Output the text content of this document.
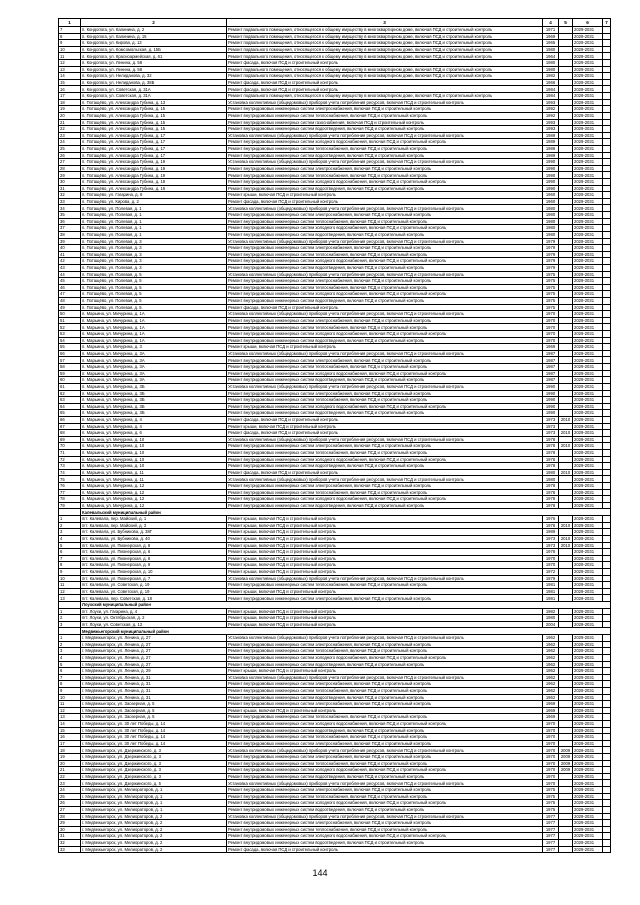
1	2	3	4	5	6	7
7	п. Кондопога, ул. Калинина, д. 2	Ремонт подвального помещения, относящегося к общему имуществу в многоквартирном доме, включая ПСД и строительный контроль	1971		2029-2031	
8	п. Кондопога, ул. Калинина, д. 15	Ремонт подвального помещения, относящегося к общему имуществу в многоквартирном доме, включая ПСД и строительный контроль	1969		2029-2031	
9	п. Кондопога, ул. Кирова, д. 13	Ремонт подвального помещения, относящегося к общему имуществу в многоквартирном доме, включая ПСД и строительный контроль	1965		2029-2031	
10	п. Кондопога, ул. Комсомольская, д. 15Б	Ремонт подвального помещения, относящегося к общему имуществу в многоквартирном доме, включая ПСД и строительный контроль	1980		2029-2031	
11	п. Кондопога, ул. Красноармейская, д. 61	Ремонт подвального помещения, относящегося к общему имуществу в многоквартирном доме, включая ПСД и строительный контроль	1964		2029-2031	
12	п. Кондопога, ул. Ленина, д. 58	Ремонт фасада, включая ПСД и строительный контроль	1980		2029-2031	
13	п. Кондопога, ул. Ленина, д. 58	Ремонт подвального помещения, относящегося к общему имуществу в многоквартирном доме, включая ПСД и строительный контроль	1980		2029-2031	
14	п. Кондопога, ул. Нелиданова, д. 32	Ремонт подвального помещения, относящегося к общему имуществу в многоквартирном доме, включая ПСД и строительный контроль	1982		2029-2031	
15	п. Кондопога, ул. Нелиданова, д. 38Б	Ремонт фасада, включая ПСД и строительный контроль	1966		2029-2031	
16	п. Кондопога, ул. Советская, д. 31А	Ремонт фасада, включая ПСД и строительный контроль	1984		2029-2031	
17	п. Кондопога, ул. Советская, д. 31А	Ремонт подвального помещения, относящегося к общему имуществу в многоквартирном доме, включая ПСД и строительный контроль	1984		2029-2031	
18	п. Потащёво, ул. Александра Губина, д. 13	Установка коллективных (общедомовых) приборов учета потребления ресурсов, включая ПСД и строительный контроль	1993		2029-2031	
19	п. Потащёво, ул. Александра Губина, д. 15	Ремонт внутридомовых инженерных систем электроснабжения, включая ПСД и строительный контроль	1992		2029-2031	
20	п. Потащёво, ул. Александра Губина, д. 15	Ремонт внутридомовых инженерных систем теплоснабжения, включая ПСД и строительный контроль	1992		2029-2031	
21	п. Потащёво, ул. Александра Губина, д. 15	Ремонт внутридомовых инженерных систем газоснабжения, включая ПСД и строительный контроль	1993		2029-2031	
22	п. Потащёво, ул. Александра Губина, д. 15	Ремонт внутридомовых инженерных систем водоотведения, включая ПСД и строительный контроль	1993		2029-2031	
23	п. Потащёво, ул. Александра Губина, д. 17	Установка коллективных (общедомовых) приборов учета потребления ресурсов, включая ПСД и строительный контроль	1989		2029-2031	
24	п. Потащёво, ул. Александра Губина, д. 17	Ремонт внутридомовых инженерных систем холодного водоснабжения, включая ПСД и строительный контроль	1989		2029-2031	
25	п. Потащёво, ул. Александра Губина, д. 17	Ремонт внутридомовых инженерных систем теплоснабжения, включая ПСД и строительный контроль	1989		2029-2031	
26	п. Потащёво, ул. Александра Губина, д. 17	Ремонт внутридомовых инженерных систем водоотведения, включая ПСД и строительный контроль	1989		2029-2031	
27	п. Потащёво, ул. Александра Губина, д. 19	Установка коллективных (общедомовых) приборов учета потребления ресурсов, включая ПСД и строительный контроль	1990		2029-2031	
28	п. Потащёво, ул. Александра Губина, д. 19	Ремонт внутридомовых инженерных систем электроснабжения, включая ПСД и строительный контроль	1990		2029-2031	
29	п. Потащёво, ул. Александра Губина, д. 19	Ремонт внутридомовых инженерных систем теплоснабжения, включая ПСД и строительный контроль	1990		2029-2031	
30	п. Потащёво, ул. Александра Губина, д. 19	Ремонт внутридомовых инженерных систем холодного водоснабжения, включая ПСД и строительный контроль	1990		2029-2031	
31	п. Потащёво, ул. Александра Губина, д. 19	Ремонт внутридомовых инженерных систем водоотведения, включая ПСД и строительный контроль	1990		2029-2031	
32	п. Потащёво, ул. Гагарина, д. 8	Ремонт крыши, включая ПСД и строительный контроль	1960		2029-2031	
33	п. Потащёво, ул. Кирова, д. 2	Ремонт фасада, включая ПСД и строительный контроль	1960		2029-2031	
34	п. Потащёво, ул. Полевая, д. 1	Установка коллективных (общедомовых) приборов учета потребления ресурсов, включая ПСД и строительный контроль	1980		2029-2031	
35	п. Потащёво, ул. Полевая, д. 1	Ремонт внутридомовых инженерных систем электроснабжения, включая ПСД и строительный контроль	1980		2029-2031	
36	п. Потащёво, ул. Полевая, д. 1	Ремонт внутридомовых инженерных систем теплоснабжения, включая ПСД и строительный контроль	1980		2029-2031	
37	п. Потащёво, ул. Полевая, д. 1	Ремонт внутридомовых инженерных систем холодного водоснабжения, включая ПСД и строительный контроль	1980		2029-2031	
38	п. Потащёво, ул. Полевая, д. 1	Ремонт внутридомовых инженерных систем водоотведения, включая ПСД и строительный контроль	1980		2029-2031	
39	п. Потащёво, ул. Полевая, д. 3	Установка коллективных (общедомовых) приборов учета потребления ресурсов, включая ПСД и строительный контроль	1979		2029-2031	
40	п. Потащёво, ул. Полевая, д. 3	Ремонт внутридомовых инженерных систем электроснабжения, включая ПСД и строительный контроль	1979		2029-2031	
41	п. Потащёво, ул. Полевая, д. 3	Ремонт внутридомовых инженерных систем теплоснабжения, включая ПСД и строительный контроль	1979		2029-2031	
42	п. Потащёво, ул. Полевая, д. 3	Ремонт внутридомовых инженерных систем холодного водоснабжения, включая ПСД и строительный контроль	1979		2029-2031	
43	п. Потащёво, ул. Полевая, д. 3	Ремонт внутридомовых инженерных систем водоотведения, включая ПСД и строительный контроль	1979		2029-2031	
44	п. Потащёво, ул. Полевая, д. 5	Установка коллективных (общедомовых) приборов учета потребления ресурсов, включая ПСД и строительный контроль	1975		2029-2031	
45	п. Потащёво, ул. Полевая, д. 5	Ремонт внутридомовых инженерных систем электроснабжения, включая ПСД и строительный контроль	1975		2029-2031	
46	п. Потащёво, ул. Полевая, д. 5	Ремонт внутридомовых инженерных систем теплоснабжения, включая ПСД и строительный контроль	1975		2029-2031	
47	п. Потащёво, ул. Полевая, д. 5	Ремонт внутридомовых инженерных систем холодного водоснабжения, включая ПСД и строительный контроль	1975		2029-2031	
48	п. Потащёво, ул. Полевая, д. 5	Ремонт внутридомовых инженерных систем водоотведения, включая ПСД и строительный контроль	1975		2029-2031	
49	п. Потащёво, ул. Полевая, д. 5	Ремонт фасада, включая ПСД и строительный контроль	1975		2029-2031	
50	п. Марьина, ул. Мичурина, д. 1А	Установка коллективных (общедомовых) приборов учета потребления ресурсов, включая ПСД и строительный контроль	1970		2029-2031	
51	п. Марьина, ул. Мичурина, д. 1А	Ремонт внутридомовых инженерных систем электроснабжения, включая ПСД и строительный контроль	1970		2029-2031	
52	п. Марьина, ул. Мичурина, д. 1А	Ремонт внутридомовых инженерных систем теплоснабжения, включая ПСД и строительный контроль	1970		2029-2031	
53	п. Марьина, ул. Мичурина, д. 1А	Ремонт внутридомовых инженерных систем холодного водоснабжения, включая ПСД и строительный контроль	1970		2029-2031	
54	п. Марьина, ул. Мичурина, д. 1А	Ремонт внутридомовых инженерных систем водоотведения, включая ПСД и строительный контроль	1970		2029-2031	
55	п. Марьина, ул. Мичурина, д. 3	Ремонт крыши, включая ПСД и строительный контроль	1969		2029-2031	
56	п. Марьина, ул. Мичурина, д. 3А	Установка коллективных (общедомовых) приборов учета потребления ресурсов, включая ПСД и строительный контроль	1987		2029-2031	
57	п. Марьина, ул. Мичурина, д. 3А	Ремонт внутридомовых инженерных систем электроснабжения, включая ПСД и строительный контроль	1987		2029-2031	
58	п. Марьина, ул. Мичурина, д. 3А	Ремонт внутридомовых инженерных систем теплоснабжения, включая ПСД и строительный контроль	1987		2029-2031	
59	п. Марьина, ул. Мичурина, д. 3А	Ремонт внутридомовых инженерных систем холодного водоснабжения, включая ПСД и строительный контроль	1987		2029-2031	
60	п. Марьина, ул. Мичурина, д. 3А	Ремонт внутридомовых инженерных систем водоотведения, включая ПСД и строительный контроль	1987		2029-2031	
61	п. Марьина, ул. Мичурина, д. 3Б	Установка коллективных (общедомовых) приборов учета потребления ресурсов, включая ПСД и строительный контроль	1990		2029-2031	
62	п. Марьина, ул. Мичурина, д. 3Б	Ремонт внутридомовых инженерных систем электроснабжения, включая ПСД и строительный контроль	1990		2029-2031	
63	п. Марьина, ул. Мичурина, д. 3Б	Ремонт внутридомовых инженерных систем теплоснабжения, включая ПСД и строительный контроль	1990		2029-2031	
64	п. Марьина, ул. Мичурина, д. 3Б	Ремонт внутридомовых инженерных систем холодного водоснабжения, включая ПСД и строительный контроль	1990		2029-2031	
65	п. Марьина, ул. Мичурина, д. 3Б	Ремонт внутридомовых инженерных систем водоотведения, включая ПСД и строительный контроль	1990		2029-2031	
66	п. Марьина, ул. Мичурина, д. 4	Ремонт фасада, включая ПСД и строительный контроль	1973	2010	2029-2031	
67	п. Марьина, ул. Мичурина, д. 4	Ремонт крыши, включая ПСД и строительный контроль	1973		2029-2031	
68	п. Марьина, ул. Мичурина, д. 6	Ремонт фасада, включая ПСД и строительный контроль	1973	2010	2029-2031	
69	п. Марьина, ул. Мичурина, д. 10	Установка коллективных (общедомовых) приборов учета потребления ресурсов, включая ПСД и строительный контроль	1978		2029-2031	
70	п. Марьина, ул. Мичурина, д. 10	Ремонт внутридомовых инженерных систем электроснабжения, включая ПСД и строительный контроль	1978	2010	2029-2031	
71	п. Марьина, ул. Мичурина, д. 10	Ремонт внутридомовых инженерных систем теплоснабжения, включая ПСД и строительный контроль	1978		2029-2031	
72	п. Марьина, ул. Мичурина, д. 10	Ремонт внутридомовых инженерных систем холодного водоснабжения, включая ПСД и строительный контроль	1978		2029-2031	
73	п. Марьина, ул. Мичурина, д. 10	Ремонт внутридомовых инженерных систем водоотведения, включая ПСД и строительный контроль	1978		2029-2031	
74	п. Марьина, ул. Мичурина, д. 11	Ремонт фасада, включая ПСД и строительный контроль	1980	2010	2029-2031	
75	п. Марьина, ул. Мичурина, д. 11	Установка коллективных (общедомовых) приборов учета потребления ресурсов, включая ПСД и строительный контроль	1980		2029-2031	
76	п. Марьина, ул. Мичурина, д. 12	Ремонт внутридомовых инженерных систем электроснабжения, включая ПСД и строительный контроль	1978		2029-2031	
77	п. Марьина, ул. Мичурина, д. 12	Ремонт внутридомовых инженерных систем теплоснабжения, включая ПСД и строительный контроль	1978		2029-2031	
78	п. Марьина, ул. Мичурина, д. 12	Ремонт внутридомовых инженерных систем холодного водоснабжения, включая ПСД и строительный контроль	1978		2029-2031	
79	п. Марьина, ул. Мичурина, д. 12	Ремонт внутридомовых инженерных систем водоотведения, включая ПСД и строительный контроль	1978		2029-2031	
	Калевальский муниципальный район					
1	пгт. Калевала, пер. Майский, д. 1	Ремонт крыши, включая ПСД и строительный контроль	1976		2029-2031	
2	пгт. Калевала, пер. Майский, д. 3	Ремонт крыши, включая ПСД и строительный контроль	1976	2010	2029-2031	
3	пгт. Калевала, ул. Бубникова, д. 38Г	Ремонт крыши, включая ПСД и строительный контроль	1989		2029-2031	
4	пгт. Калевала, ул. Бубникова, д. 40	Ремонт крыши, включая ПСД и строительный контроль	1973	2010	2029-2031	
5	пгт. Калевала, ул. Пионерская, д. 8	Ремонт крыши, включая ПСД и строительный контроль	1973	2010	2029-2031	
6	пгт. Калевала, ул. Пионерская, д. 6	Ремонт крыши, включая ПСД и строительный контроль	1976		2029-2031	
7	пгт. Калевала, ул. Пионерская, д. 8	Ремонт крыши, включая ПСД и строительный контроль	1970		2029-2031	
8	пгт. Калевала, ул. Пионерская, д. 9	Ремонт крыши, включая ПСД и строительный контроль	1970		2029-2031	
9	пгт. Калевала, ул. Пионерская, д. 10	Ремонт крыши, включая ПСД и строительный контроль	1972		2029-2031	
10	пгт. Калевала, ул. Пионерская, д. 7	Установка коллективных (общедомовых) приборов учета потребления ресурсов, включая ПСД и строительный контроль	1979		2029-2031	
11	пгт. Калевала, ул. Советская, д. 19	Ремонт внутридомовых инженерных систем теплоснабжения, включая ПСД и строительный контроль	1981		2029-2031	
12	пгт. Калевала, ул. Советская, д. 19	Ремонт крыши, включая ПСД и строительный контроль	1981		2029-2031	
13	пгт. Калевала, пер. Советская, д. 18	Ремонт внутридомовых инженерных систем электроснабжения, включая ПСД и строительный контроль	1981		2029-2031	
	Лоухский муниципальный район					
1	пгт. Лоухи, ул. Гагарина, д. 4	Ремонт крыши, включая ПСД и строительный контроль	1982		2029-2031	
2	пгт. Лоухи, ул. Октябрьская, д. 2	Ремонт крыши, включая ПСД и строительный контроль	1980		2029-2031	
3	пгт. Лоухи, ул. Советская, д. 12	Ремонт крыши, включая ПСД и строительный контроль	2004		2029-2031	
	Медвежьегорский муниципальный район					
1	г. Медвежьегорск, ул. Ленина, д. 27	Установка коллективных (общедомовых) приборов учета потребления ресурсов, включая ПСД и строительный контроль	1962		2029-2031	
2	г. Медвежьегорск, ул. Ленина, д. 27	Ремонт внутридомовых инженерных систем электроснабжения, включая ПСД и строительный контроль	1962		2029-2031	
3	г. Медвежьегорск, ул. Ленина, д. 27	Ремонт внутридомовых инженерных систем теплоснабжения, включая ПСД и строительный контроль	1962		2029-2031	
4	г. Медвежьегорск, ул. Ленина, д. 27	Ремонт внутридомовых инженерных систем холодного водоснабжения, включая ПСД и строительный контроль	1962		2029-2031	
5	г. Медвежьегорск, ул. Ленина, д. 27	Ремонт внутридомовых инженерных систем водоотведения, включая ПСД и строительный контроль	1962		2029-2031	
6	г. Медвежьегорск, ул. Ленина, д. 29	Ремонт крыши, включая ПСД и строительный контроль	1962		2029-2031	
7	г. Медвежьегорск, ул. Ленина, д. 31	Установка коллективных (общедомовых) приборов учета потребления ресурсов, включая ПСД и строительный контроль	1962		2029-2031	
8	г. Медвежьегорск, ул. Ленина, д. 31	Ремонт внутридомовых инженерных систем электроснабжения, включая ПСД и строительный контроль	1962		2029-2031	
9	г. Медвежьегорск, ул. Ленина, д. 31	Ремонт внутридомовых инженерных систем теплоснабжения, включая ПСД и строительный контроль	1962		2029-2031	
10	г. Медвежьегорск, ул. Ленина, д. 31	Ремонт внутридомовых инженерных систем водоотведения, включая ПСД и строительный контроль	1962		2029-2031	
11	г. Медвежьегорск, ул. Заозерная, д. 5	Ремонт внутридомовых инженерных систем электроснабжения, включая ПСД и строительный контроль	1969		2029-2031	
12	г. Медвежьегорск, ул. Заозерная, д. 5	Ремонт крыши, включая ПСД и строительный контроль	1969		2029-2031	
13	г. Медвежьегорск, ул. Заозерная, д. 5	Ремонт внутридомовых инженерных систем теплоснабжения, включая ПСД и строительный контроль	1969		2029-2031	
14	г. Медвежьегорск, ул. 30 лет Победы, д. 14	Ремонт внутридомовых инженерных систем холодного водоснабжения, включая ПСД и строительный контроль	1970		2029-2031	
15	г. Медвежьегорск, ул. 30 лет Победы, д. 14	Ремонт внутридомовых инженерных систем водоотведения, включая ПСД и строительный контроль	1970		2029-2031	
16	г. Медвежьегорск, ул. 30 лет Победы, д. 14	Ремонт внутридомовых инженерных систем теплоснабжения, включая ПСД и строительный контроль	1970		2029-2031	
17	г. Медвежьегорск, ул. 30 лет Победы, д. 14	Ремонт внутридомовых инженерных систем электроснабжения, включая ПСД и строительный контроль	1970		2029-2031	
18	г. Медвежьегорск, ул. Дзержинского, д. 3	Установка коллективных (общедомовых) приборов учета потребления ресурсов, включая ПСД и строительный контроль	1970	2009	2029-2031	
19	г. Медвежьегорск, ул. Дзержинского, д. 3	Ремонт внутридомовых инженерных систем электроснабжения, включая ПСД и строительный контроль	1970	2009	2029-2031	
20	г. Медвежьегорск, ул. Дзержинского, д. 3	Ремонт внутридомовых инженерных систем теплоснабжения, включая ПСД и строительный контроль	1970	2009	2029-2031	
21	г. Медвежьегорск, ул. Дзержинского, д. 3	Ремонт внутридомовых инженерных систем холодного водоснабжения, включая ПСД и строительный контроль	1970	2009	2029-2031	
22	г. Медвежьегорск, ул. Дзержинского, д. 3	Ремонт внутридомовых инженерных систем водоотведения, включая ПСД и строительный контроль	1970		2029-2031	
23	г. Медвежьегорск, ул. Дзержинского, д. 5	Установка коллективных (общедомовых) приборов учета потребления ресурсов, включая ПСД и строительный контроль	1970		2029-2031	
24	г. Медвежьегорск, ул. Мелиораторов, д. 1	Ремонт внутридомовых инженерных систем электроснабжения, включая ПСД и строительный контроль	1975		2029-2031	
25	г. Медвежьегорск, ул. Мелиораторов, д. 1	Ремонт внутридомовых инженерных систем теплоснабжения, включая ПСД и строительный контроль	1975		2029-2031	
26	г. Медвежьегорск, ул. Мелиораторов, д. 1	Ремонт внутридомовых инженерных систем холодного водоснабжения, включая ПСД и строительный контроль	1975		2029-2031	
27	г. Медвежьегорск, ул. Мелиораторов, д. 1	Ремонт внутридомовых инженерных систем водоотведения, включая ПСД и строительный контроль	1975		2029-2031	
28	г. Медвежьегорск, ул. Мелиораторов, д. 2	Установка коллективных (общедомовых) приборов учета потребления ресурсов, включая ПСД и строительный контроль	1977		2029-2031	
29	г. Медвежьегорск, ул. Мелиораторов, д. 2	Ремонт внутридомовых инженерных систем электроснабжения, включая ПСД и строительный контроль	1977		2029-2031	
30	г. Медвежьегорск, ул. Мелиораторов, д. 2	Ремонт внутридомовых инженерных систем теплоснабжения, включая ПСД и строительный контроль	1977		2029-2031	
31	г. Медвежьегорск, ул. Мелиораторов, д. 2	Ремонт внутридомовых инженерных систем холодного водоснабжения, включая ПСД и строительный контроль	1977		2029-2031	
32	г. Медвежьегорск, ул. Мелиораторов, д. 2	Ремонт внутридомовых инженерных систем водоотведения, включая ПСД и строительный контроль	1977		2029-2031	
33	г. Медвежьегорск, ул. Мелиораторов, д. 2	Ремонт фасада, включая ПСД и строительный контроль	1977		2029-2031	
144
